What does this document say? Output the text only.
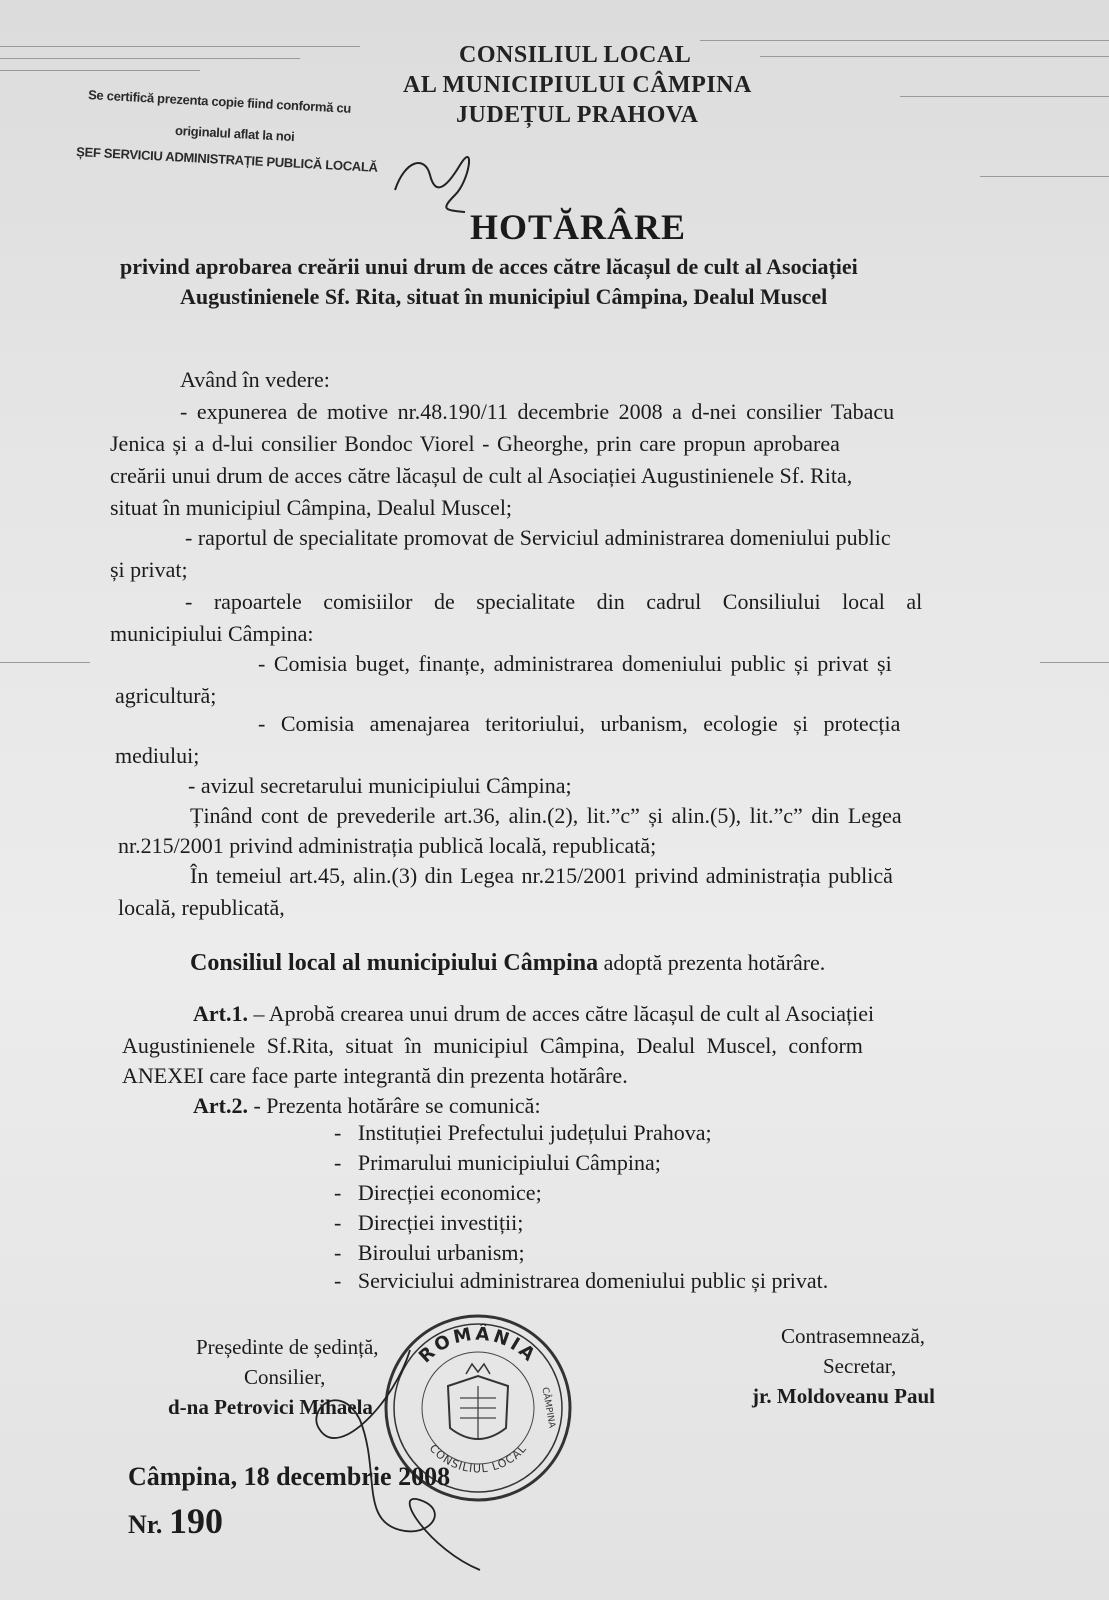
CONSILIUL LOCAL
AL MUNICIPIULUI CÂMPINA
JUDEȚUL PRAHOVA
Se certifică prezenta copie fiind conformă cu
originalul aflat la noi
ȘEF SERVICIU ADMINISTRAȚIE PUBLICĂ LOCALĂ
HOTĂRÂRE
privind aprobarea creării unui drum de acces către lăcașul de cult al Asociației
Augustinienele Sf. Rita, situat în municipiul Câmpina, Dealul Muscel
Având în vedere:
- expunerea de motive nr.48.190/11 decembrie 2008 a d-nei consilier Tabacu
Jenica și a d-lui consilier Bondoc Viorel - Gheorghe, prin care propun aprobarea
creării unui drum de acces către lăcașul de cult al Asociației Augustinienele Sf. Rita,
situat în municipiul Câmpina, Dealul Muscel;
- raportul de specialitate promovat de Serviciul administrarea domeniului public
și privat;
- rapoartele comisiilor de specialitate din cadrul Consiliului local al
municipiului Câmpina:
- Comisia buget, finanțe, administrarea domeniului public și privat și
agricultură;
- Comisia amenajarea teritoriului, urbanism, ecologie și protecția
mediului;
- avizul secretarului municipiului Câmpina;
Ținând cont de prevederile art.36, alin.(2), lit.”c” și alin.(5), lit.”c” din Legea
nr.215/2001 privind administrația publică locală, republicată;
În temeiul art.45, alin.(3) din Legea nr.215/2001 privind administrația publică
locală, republicată,
Consiliul local al municipiului Câmpina adoptă prezenta hotărâre.
Art.1. – Aprobă crearea unui drum de acces către lăcașul de cult al Asociației
Augustinienele Sf.Rita, situat în municipiul Câmpina, Dealul Muscel, conform
ANEXEI care face parte integrantă din prezenta hotărâre.
Art.2. - Prezenta hotărâre se comunică:
-   Instituției Prefectului județului Prahova;
-   Primarului municipiului Câmpina;
-   Direcției economice;
-   Direcției investiții;
-   Biroului urbanism;
-   Serviciului administrarea domeniului public și privat.
Președinte de ședință,
Consilier,
d-na Petrovici Mihaela
Contrasemnează,
Secretar,
jr. Moldoveanu Paul
ROMÂNIA
CONSILIUL LOCAL
CÂMPINA
Câmpina, 18 decembrie 2008
Nr. 190
